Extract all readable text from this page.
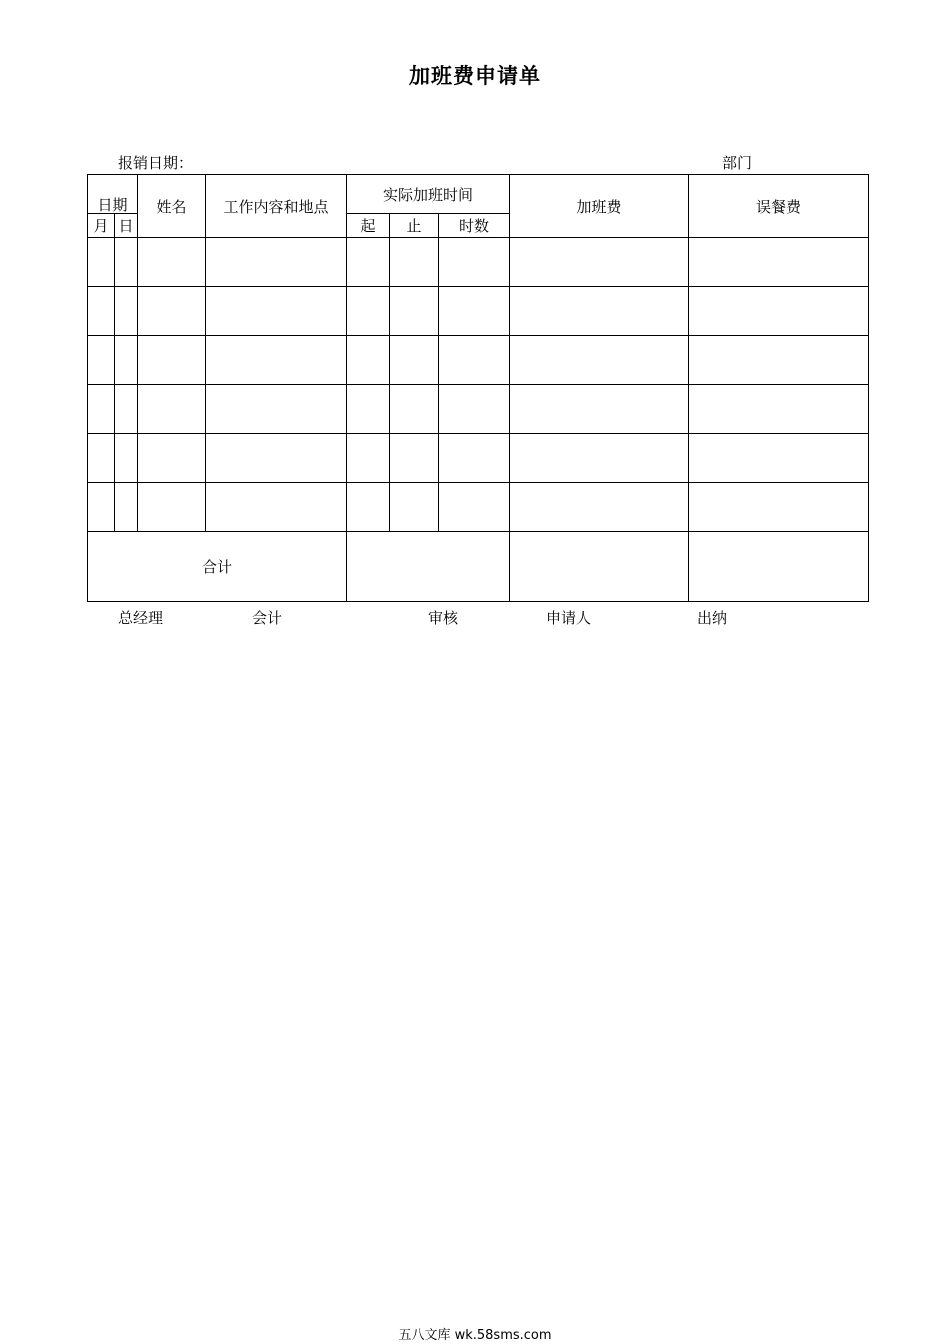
加班费申请单
报销日期：	部门
日期		姓名	工作内容和地点	实际加班时间			加班费	误餐费
月	日			起	止	时数		

合计								
总经理	会计	审核	申请人	出纳
五八文库 wk.58sms.com
